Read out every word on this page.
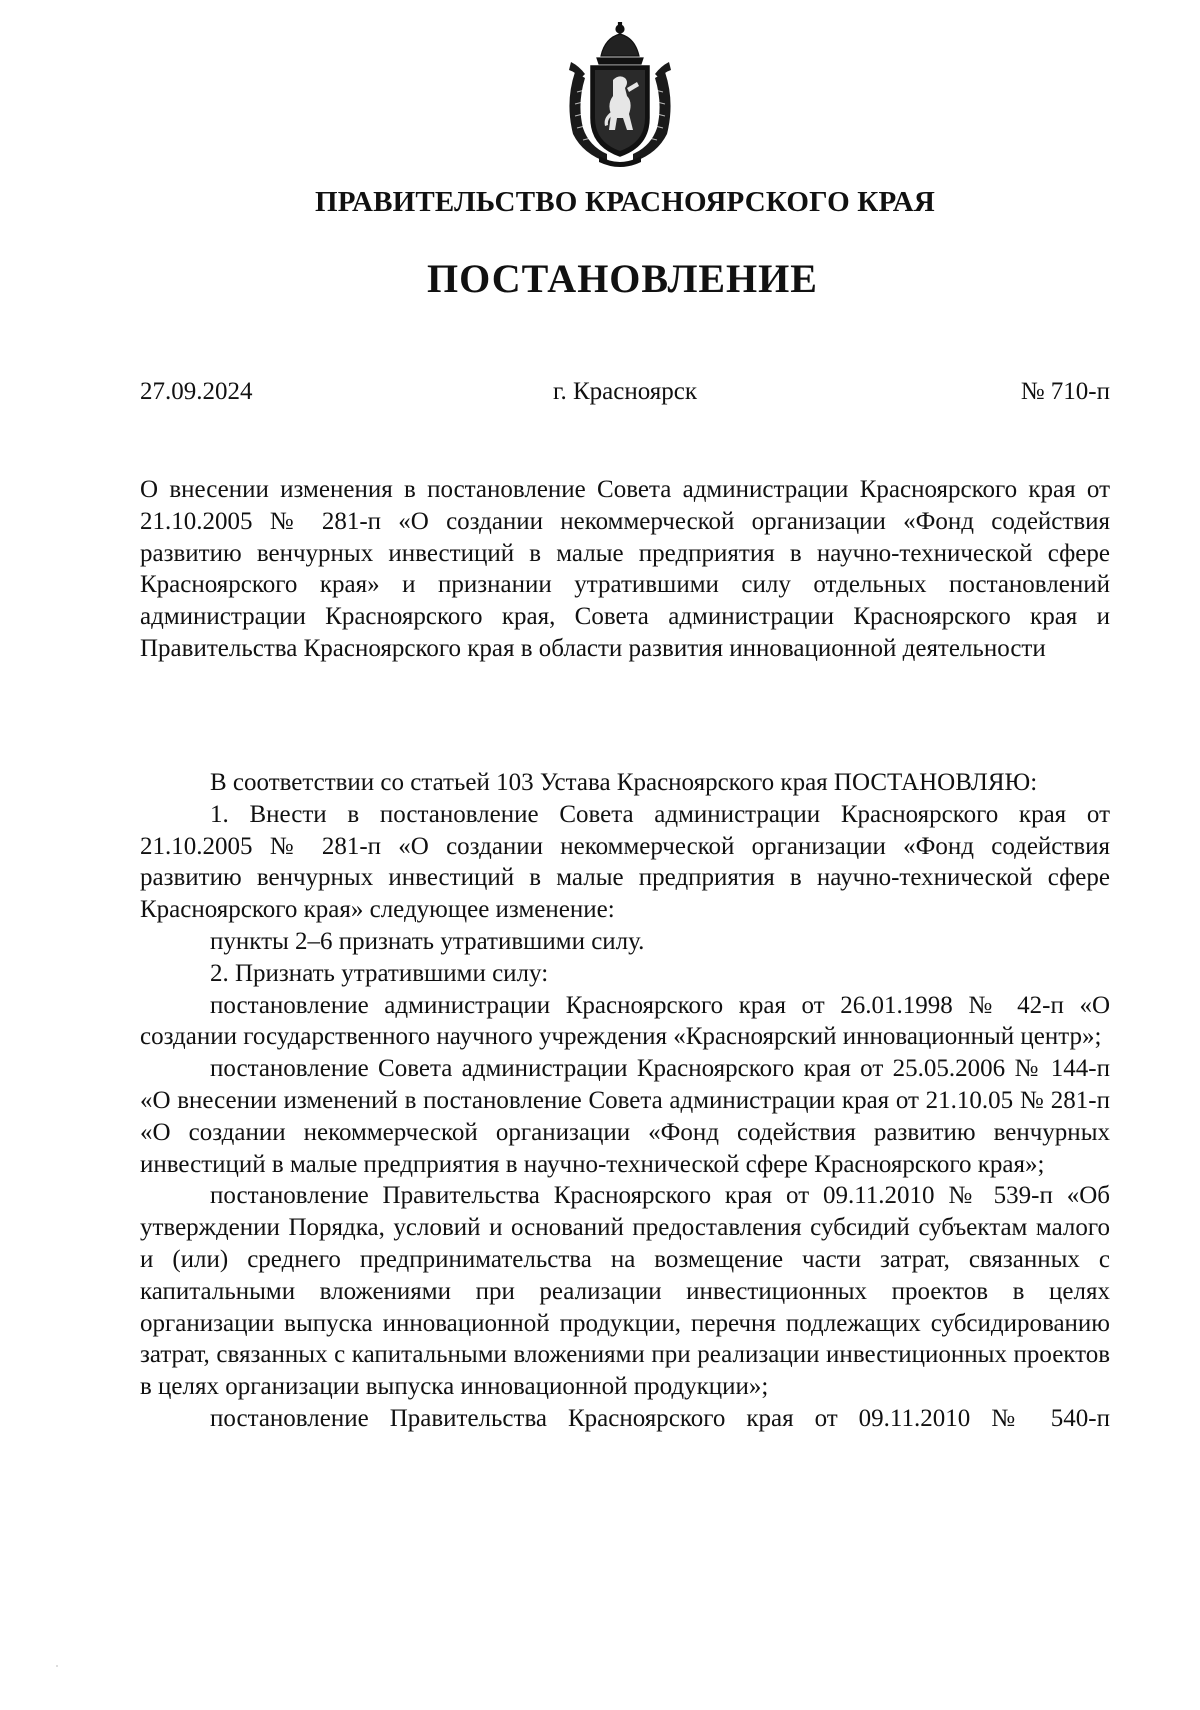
ПРАВИТЕЛЬСТВО КРАСНОЯРСКОГО КРАЯ
ПОСТАНОВЛЕНИЕ
27.09.2024	г. Красноярск	№ 710-п
О внесении изменения в постановление Совета администрации Красноярского края от 21.10.2005 № 281-п «О создании некоммерческой организации «Фонд содействия развитию венчурных инвестиций в малые предприятия в научно-технической сфере Красноярского края» и признании утратившими силу отдельных постановлений администрации Красноярского края, Совета администрации Красноярского края и Правительства Красноярского края в области развития инновационной деятельности

В соответствии со статьей 103 Устава Красноярского края ПОСТАНОВЛЯЮ:

1. Внести в постановление Совета администрации Красноярского края от 21.10.2005 № 281-п «О создании некоммерческой организации «Фонд содействия развитию венчурных инвестиций в малые предприятия в научно-технической сфере Красноярского края» следующее изменение:

пункты 2–6 признать утратившими силу.

2. Признать утратившими силу:

постановление администрации Красноярского края от 26.01.1998 № 42-п «О создании государственного научного учреждения «Красноярский инновационный центр»;

постановление Совета администрации Красноярского края от 25.05.2006 № 144-п «О внесении изменений в постановление Совета администрации края от 21.10.05 № 281-п «О создании некоммерческой организации «Фонд содействия развитию венчурных инвестиций в малые предприятия в научно-технической сфере Красноярского края»;

постановление Правительства Красноярского края от 09.11.2010 № 539-п «Об утверждении Порядка, условий и оснований предоставления субсидий субъектам малого и (или) среднего предпринимательства на возмещение части затрат, связанных с капитальными вложениями при реализации инвестиционных проектов в целях организации выпуска инновационной продукции, перечня подлежащих субсидированию затрат, связанных с капитальными вложениями при реализации инвестиционных проектов в целях организации выпуска инновационной продукции»;

постановление Правительства Красноярского края от 09.11.2010 № 540-п
